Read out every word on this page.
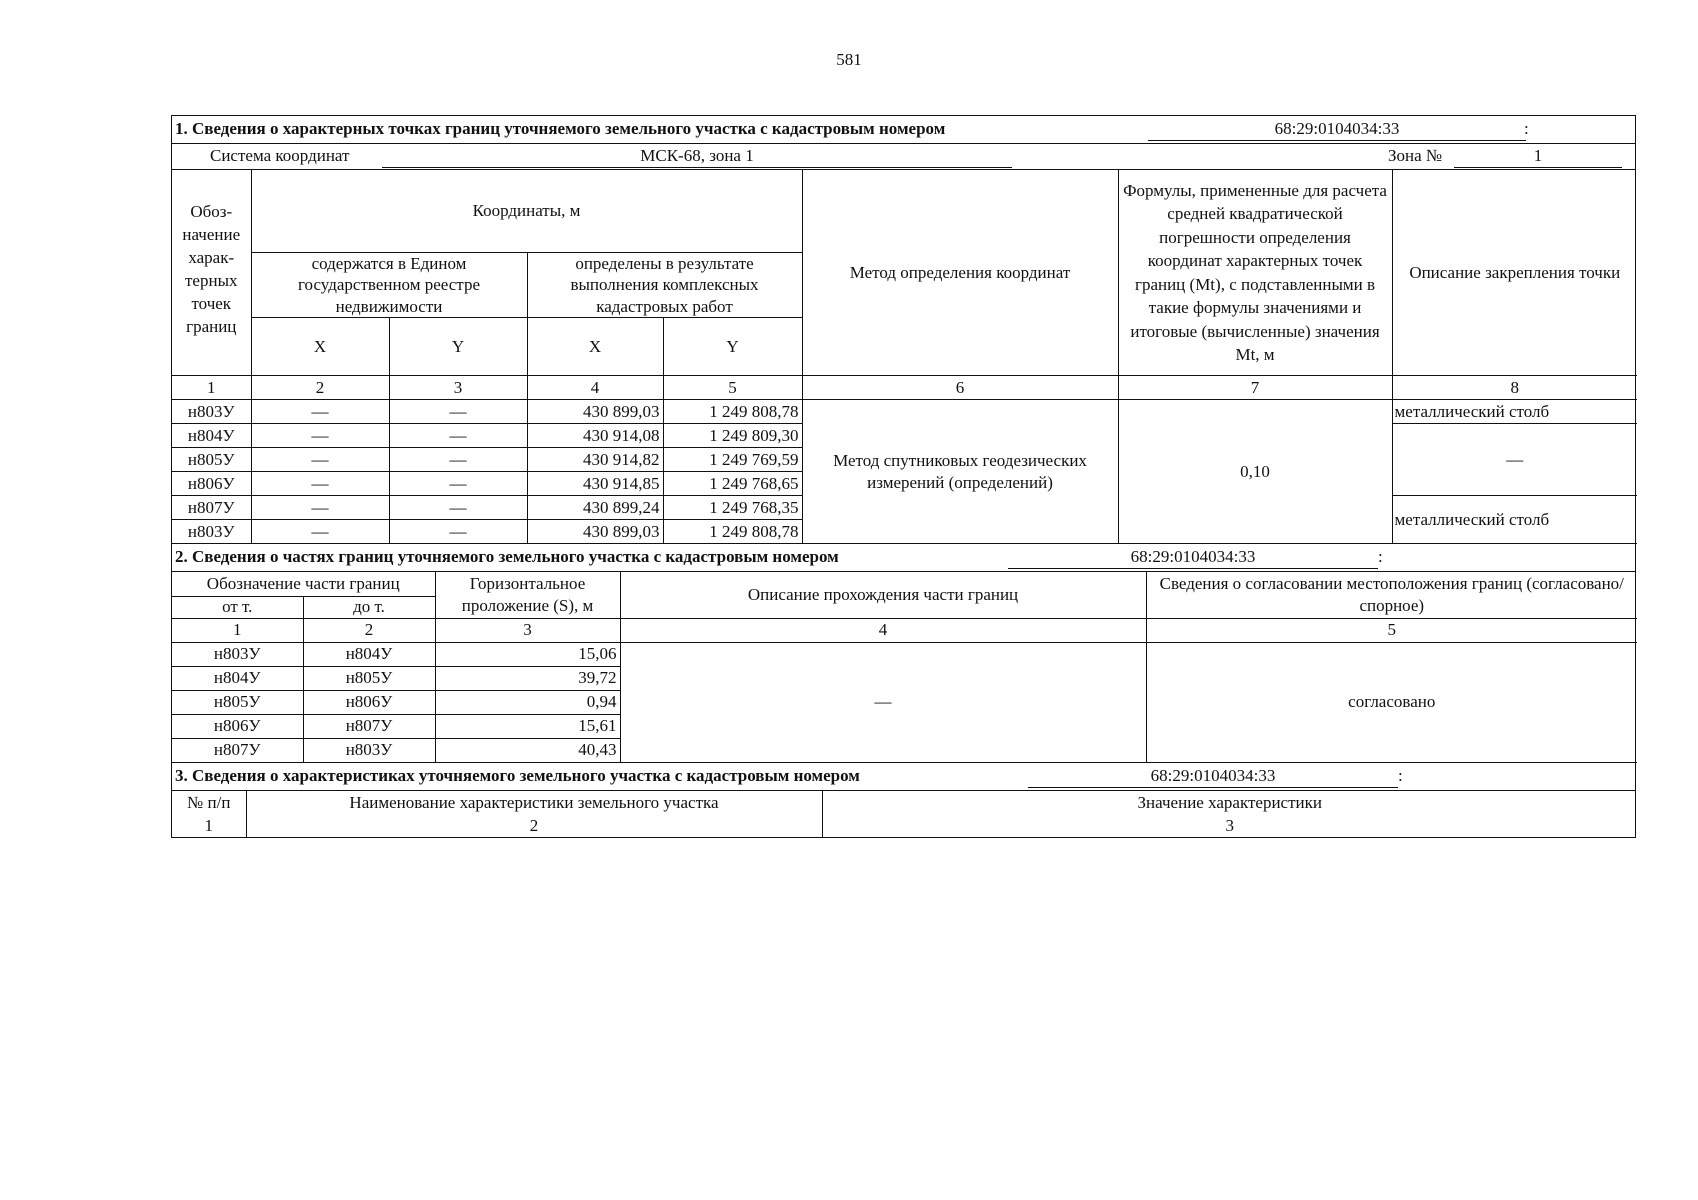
581
1. Сведения о характерных точках границ уточняемого земельного участка с кадастровым номером	68:29:0104034:33	:
Система координат	МСК-68, зона 1	Зона №	1
Обоз-начение харак-терных точек границ	Координаты, м				Метод определения координат	Формулы, примененные для расчета средней квадратической погрешности определения координат характерных точек границ (Mt), с подставленными в такие формулы значениями и итоговые (вычисленные) значения Mt, м	Описание закрепления точки
	содержатся в Едином государственном реестре недвижимости		определены в результате выполнения комплексных кадастровых работ				
	X	Y	X	Y			
1	2	3	4	5	6	7	8
н803У	—	—	430 899,03	1 249 808,78	Метод спутниковых геодезических измерений (определений)	0,10	металлический столб
н804У	—	—	430 914,08	1 249 809,30			—
н805У	—	—	430 914,82	1 249 769,59			
н806У	—	—	430 914,85	1 249 768,65			
н807У	—	—	430 899,24	1 249 768,35			металлический столб
н803У	—	—	430 899,03	1 249 808,78			
2. Сведения о частях границ уточняемого земельного участка с кадастровым номером	68:29:0104034:33	:
Обозначение части границ		Горизонтальное проложение (S), м	Описание прохождения части границ	Сведения о согласовании местоположения границ (согласовано/спорное)
от т.	до т.			
1	2	3	4	5
н803У	н804У	15,06	—	согласовано
н804У	н805У	39,72		
н805У	н806У	0,94		
н806У	н807У	15,61		
н807У	н803У	40,43		
3. Сведения о характеристиках уточняемого земельного участка с кадастровым номером	68:29:0104034:33	:
№ п/п	Наименование характеристики земельного участка	Значение характеристики
1	2	3
